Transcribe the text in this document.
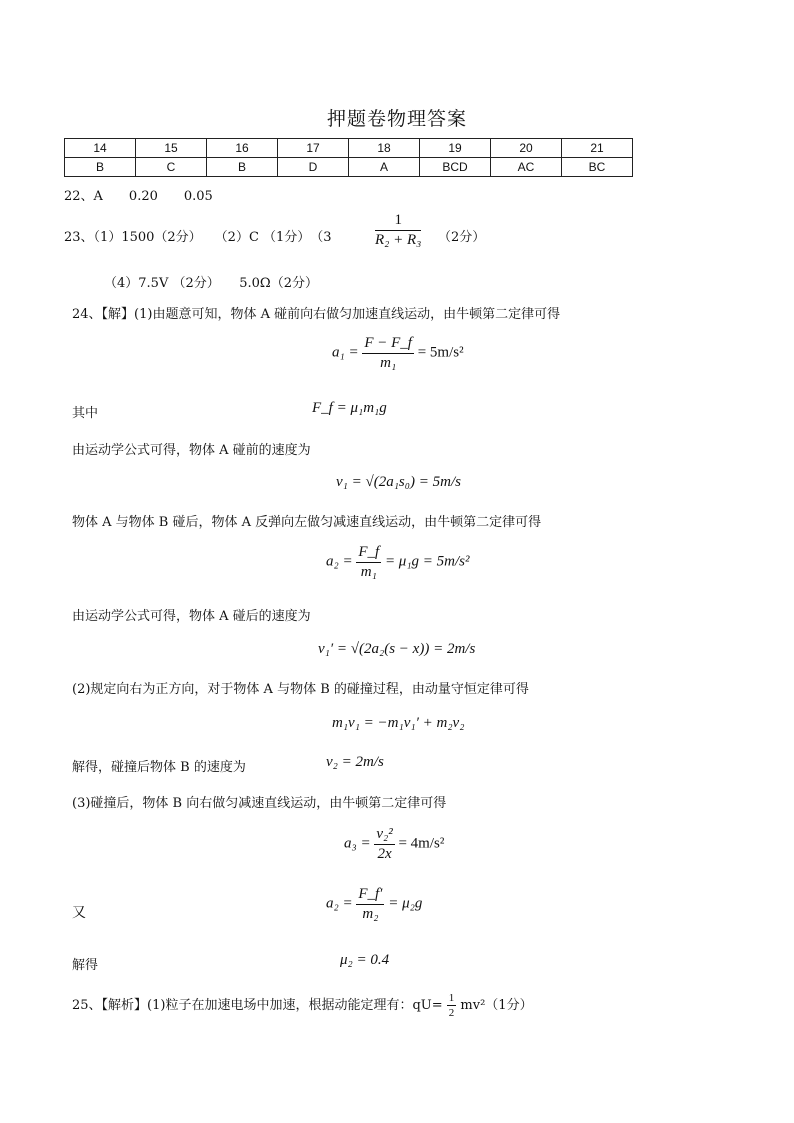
押题卷物理答案
14	15	16	17	18	19	20	21
B	C	B	D	A	BCD	AC	BC
22、A　　0.20　　0.05
23、（1）1500（2分）　　（2）C （1分）　（3	$\frac{1}{\text{R₂ + R₃}} (2$分）
（4）7.5V （2分）　　5.0Ω（2分）
24、【解】(1)由题意可知，物体 A 碰前向右做匀加速直线运动，由牛顿第二定律可得
$a_1 = \frac{F - F\_f}{\text{m₁}} = 5m/s^2$
其中	F_f = μ₁m₁g
由运动学公式可得，物体 A 碰前的速度为
v₁ = √(2a₁s₀) = 5m/s
物体 A 与物体 B 碰后，物体 A 反弹向左做匀减速直线运动，由牛顿第二定律可得
$a_2 = \frac{F\_f}{\text{m₁}} = \mu_1g = 5m/s^2$
由运动学公式可得，物体 A 碰后的速度为
v₁′ = √(2a₂(s − x)) = 2m/s
(2)规定向右为正方向，对于物体 A 与物体 B 的碰撞过程，由动量守恒定律可得
m₁v₁ = −m₁v₁′ + m₂v₂
解得，碰撞后物体 B 的速度为	v₂ = 2m/s
(3)碰撞后，物体 B 向右做匀减速直线运动，由牛顿第二定律可得
$a_3 = \frac{\text{v₂²}}{2x} = 4m/s^2$
又
$a_2 = \frac{F\_f'}{\text{m₂}} = \mu_2g$
解得	μ₂ = 0.4
25、【解析】(1)粒子在加速电场中加速，根据动能定理有：$qU= \frac{1}{2} mv^2(1$分）
